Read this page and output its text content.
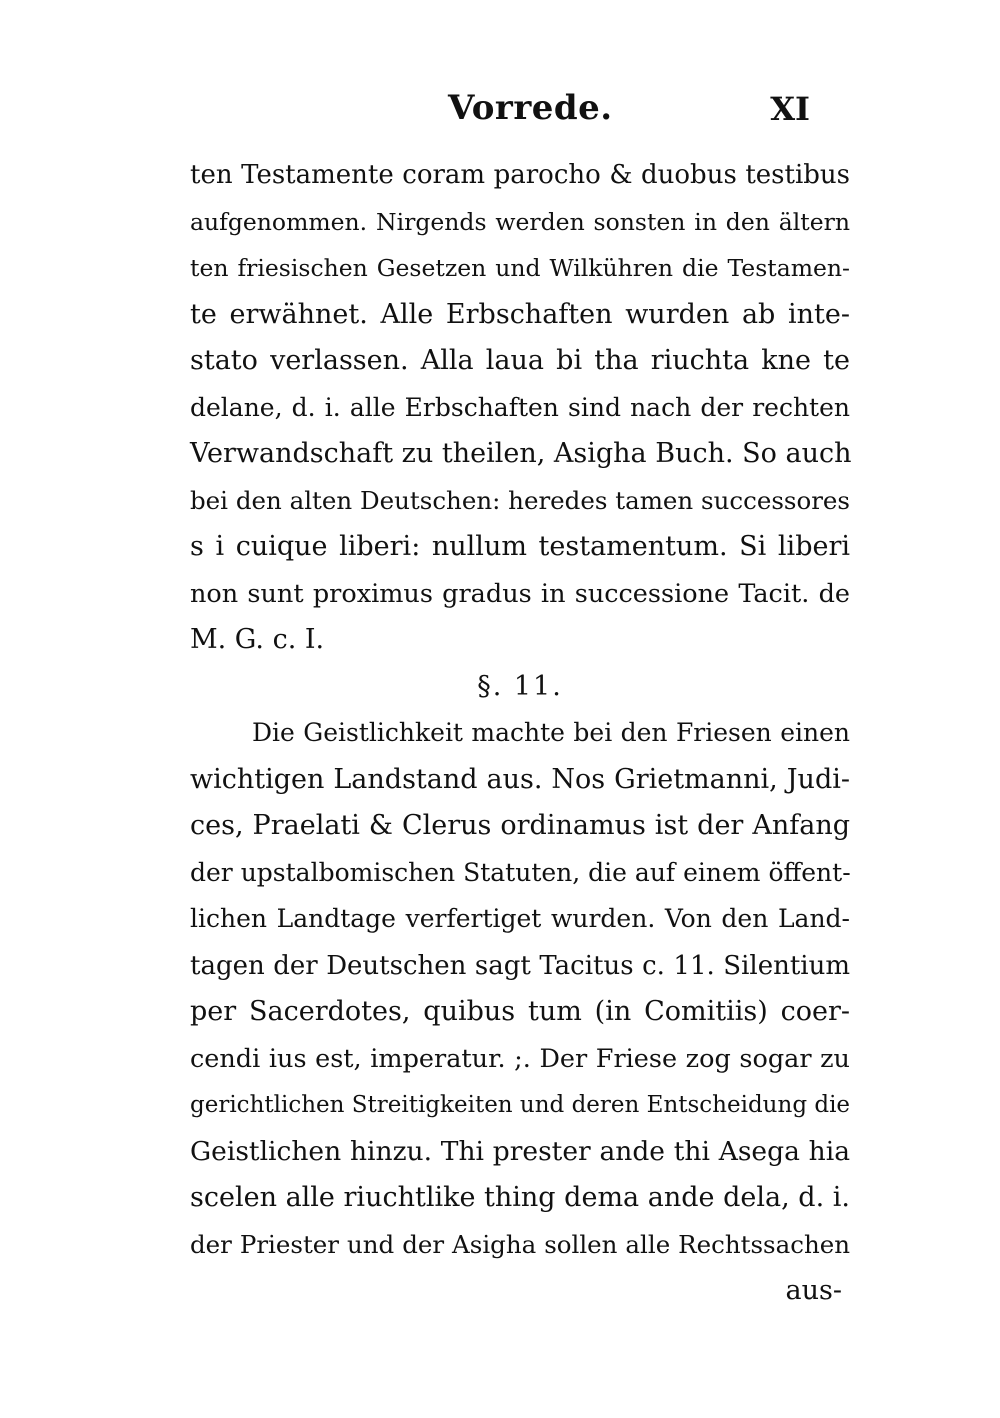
Vorrede.	XI
ten Testamente coram parocho & duobus testibus
aufgenommen. Nirgends werden sonsten in den ältern
ten friesischen Gesetzen und Wilkühren die Testamen-
te erwähnet. Alle Erbschaften wurden ab inte-
stato verlassen. Alla laua bi tha riuchta kne te
delane, d. i. alle Erbschaften sind nach der rechten
Verwandschaft zu theilen, Asigha Buch. So auch
bei den alten Deutschen: heredes tamen successores
s i cuique liberi: nullum testamentum. Si liberi
non sunt proximus gradus in successione Tacit. de
M. G. c. I.
§. 11.
Die Geistlichkeit machte bei den Friesen einen
wichtigen Landstand aus. Nos Grietmanni, Judi-
ces, Praelati & Clerus ordinamus ist der Anfang
der upstalbomischen Statuten, die auf einem öffent-
lichen Landtage verfertiget wurden. Von den Land-
tagen der Deutschen sagt Tacitus c. 11. Silentium
per Sacerdotes, quibus tum (in Comitiis) coer-
cendi ius est, imperatur. ;. Der Friese zog sogar zu
gerichtlichen Streitigkeiten und deren Entscheidung die
Geistlichen hinzu. Thi prester ande thi Asega hia
scelen alle riuchtlike thing dema ande dela, d. i.
der Priester und der Asigha sollen alle Rechtssachen
aus-
